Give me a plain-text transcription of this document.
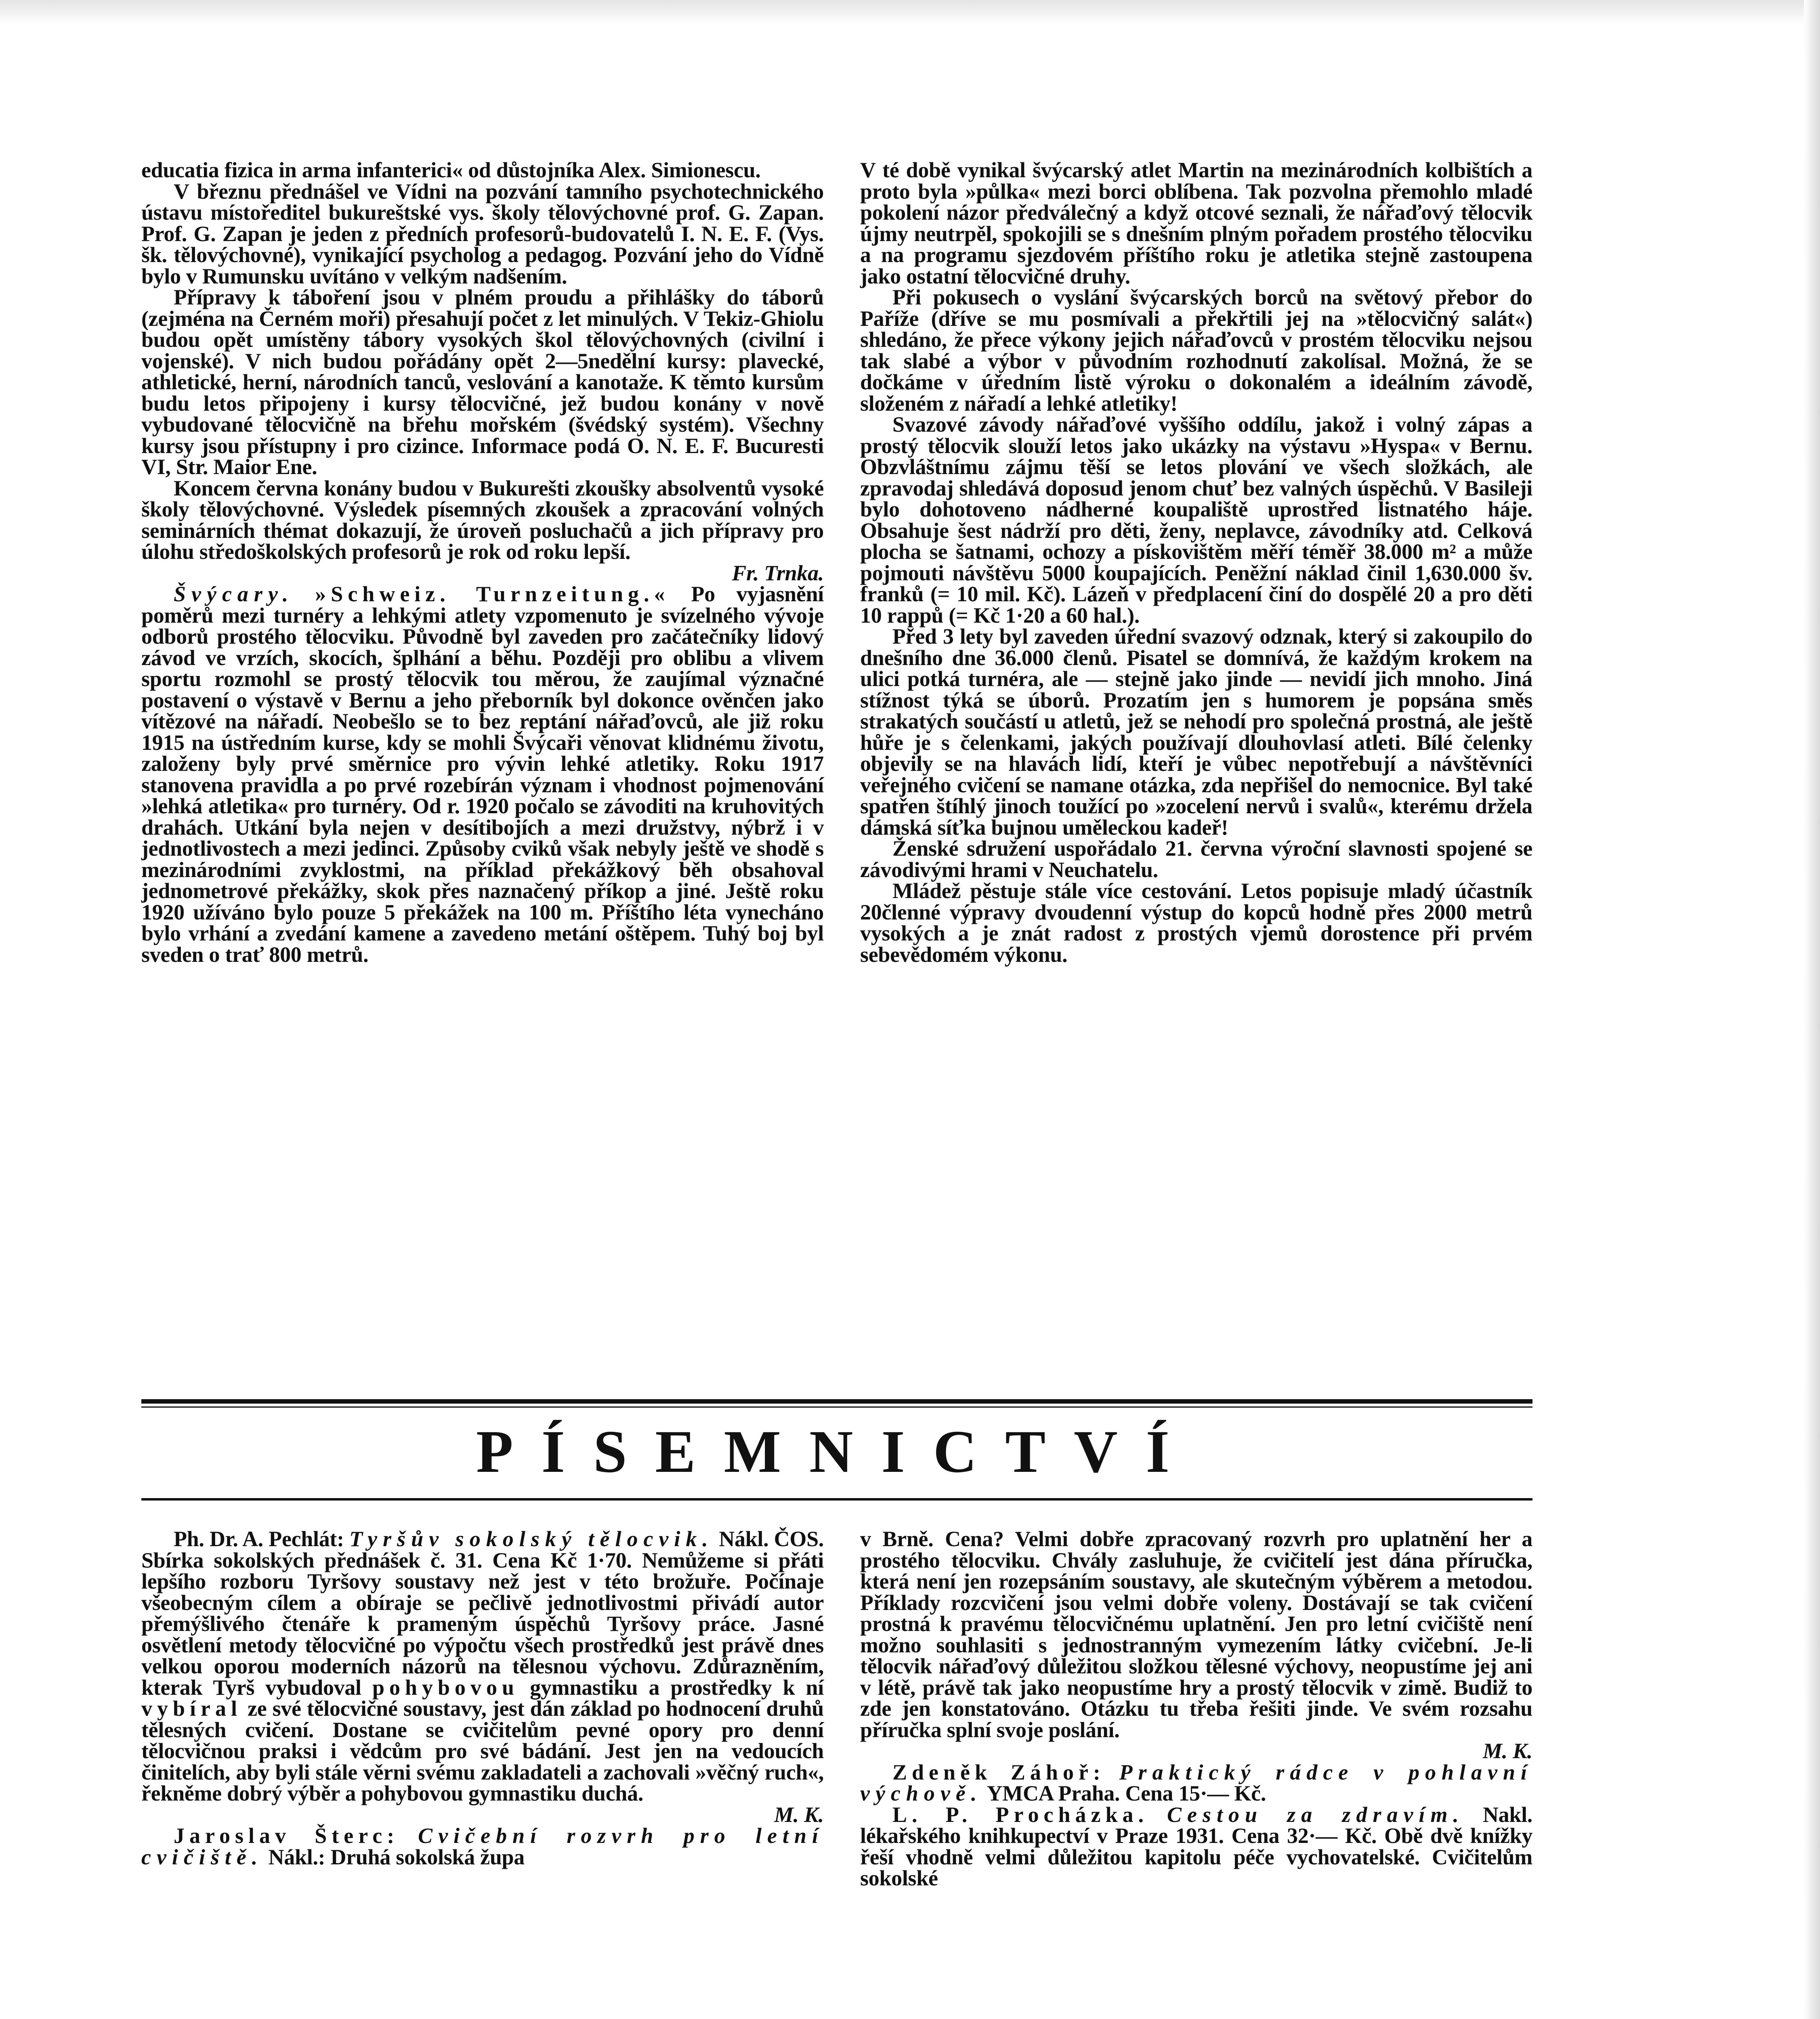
educatia fizica in arma infanterici« od důstojníka Alex. Simionescu.

V březnu přednášel ve Vídni na pozvání tamního psychotechnického ústavu místoředitel bukureštské vys. školy tělovýchovné prof. G. Zapan. Prof. G. Zapan je jeden z předních profesorů-budovatelů I. N. E. F. (Vys. šk. tělovýchovné), vynikající psycholog a pedagog. Pozvání jeho do Vídně bylo v Rumunsku uvítáno v velkým nadšením.

Přípravy k táboření jsou v plném proudu a přihlášky do táborů (zejména na Černém moři) přesahují počet z let minulých. V Tekiz-Ghiolu budou opět umístěny tábory vysokých škol tělovýchovných (civilní i vojenské). V nich budou pořádány opět 2—5nedělní kursy: plavecké, athletické, herní, národních tanců, veslování a kanotaže. K těmto kursům budu letos připojeny i kursy tělocvičné, jež budou konány v nově vybudované tělocvičně na břehu mořském (švédský systém). Všechny kursy jsou přístupny i pro cizince. Informace podá O. N. E. F. Bucuresti VI, Str. Maior Ene.

Koncem června konány budou v Bukurešti zkoušky absolventů vysoké školy tělovýchovné. Výsledek písemných zkoušek a zpracování volných seminárních thémat dokazují, že úroveň posluchačů a jich přípravy pro úlohu středoškolských profesorů je rok od roku lepší.
Fr. Trnka.

Švýcary. »Schweiz. Turnzeitung.« Po vyjasnění poměrů mezi turnéry a lehkými atlety vzpomenuto je svízelného vývoje odborů prostého tělocviku. Původně byl zaveden pro začátečníky lidový závod ve vrzích, skocích, šplhání a běhu. Později pro oblibu a vlivem sportu rozmohl se prostý tělocvik tou měrou, že zaujímal význačné postavení o výstavě v Bernu a jeho přeborník byl dokonce ověnčen jako vítězové na nářadí. Neobešlo se to bez reptání nářaďovců, ale již roku 1915 na ústředním kurse, kdy se mohli Švýcaři věnovat klidnému životu, založeny byly prvé směrnice pro vývin lehké atletiky. Roku 1917 stanovena pravidla a po prvé rozebírán význam i vhodnost pojmenování »lehká atletika« pro turnéry. Od r. 1920 počalo se závoditi na kruhovitých drahách. Utkání byla nejen v desítibojích a mezi družstvy, nýbrž i v jednotlivostech a mezi jedinci. Způsoby cviků však nebyly ještě ve shodě s mezinárodními zvyklostmi, na příklad překážkový běh obsahoval jednometrové překážky, skok přes naznačený příkop a jiné. Ještě roku 1920 užíváno bylo pouze 5 překážek na 100 m. Příštího léta vynecháno bylo vrhání a zvedání kamene a zavedeno metání oštěpem. Tuhý boj byl sveden o trať 800 metrů.

V té době vynikal švýcarský atlet Martin na mezinárodních kolbištích a proto byla »půlka« mezi borci oblíbena. Tak pozvolna přemohlo mladé pokolení názor předválečný a když otcové seznali, že nářaďový tělocvik újmy neutrpěl, spokojili se s dnešním plným pořadem prostého tělocviku a na programu sjezdovém příštího roku je atletika stejně zastoupena jako ostatní tělocvičné druhy.

Při pokusech o vyslání švýcarských borců na světový přebor do Paříže (dříve se mu posmívali a překřtili jej na »tělocvičný salát«) shledáno, že přece výkony jejich nářaďovců v prostém tělocviku nejsou tak slabé a výbor v původním rozhodnutí zakolísal. Možná, že se dočkáme v úředním listě výroku o dokonalém a ideálním závodě, složeném z nářadí a lehké atletiky!

Svazové závody nářaďové vyššího oddílu, jakož i volný zápas a prostý tělocvik slouží letos jako ukázky na výstavu »Hyspa« v Bernu. Obzvláštnímu zájmu těší se letos plování ve všech složkách, ale zpravodaj shledává doposud jenom chuť bez valných úspěchů. V Basileji bylo dohotoveno nádherné koupaliště uprostřed listnatého háje. Obsahuje šest nádrží pro děti, ženy, neplavce, závodníky atd. Celková plocha se šatnami, ochozy a pískovištěm měří téměř 38.000 m² a může pojmouti návštěvu 5000 koupajících. Peněžní náklad činil 1,630.000 šv. franků (= 10 mil. Kč). Lázeň v předplacení činí do dospělé 20 a pro děti 10 rappů (= Kč 1·20 a 60 hal.).

Před 3 lety byl zaveden úřední svazový odznak, který si zakoupilo do dnešního dne 36.000 členů. Pisatel se domnívá, že každým krokem na ulici potká turnéra, ale — stejně jako jinde — nevidí jich mnoho. Jiná stížnost týká se úborů. Prozatím jen s humorem je popsána směs strakatých součástí u atletů, jež se nehodí pro společná prostná, ale ještě hůře je s čelenkami, jakých používají dlouhovlasí atleti. Bílé čelenky objevily se na hlavách lidí, kteří je vůbec nepotřebují a návštěvníci veřejného cvičení se namane otázka, zda nepřišel do nemocnice. Byl také spatřen štíhlý jinoch toužící po »zocelení nervů i svalů«, kterému držela dámská síťka bujnou uměleckou kadeř!

Ženské sdružení uspořádalo 21. června výroční slavnosti spojené se závodivými hrami v Neuchatelu.

Mládež pěstuje stále více cestování. Letos popisuje mladý účastník 20členné výpravy dvoudenní výstup do kopců hodně přes 2000 metrů vysokých a je znát radost z prostých vjemů dorostence při prvém sebevědomém výkonu.

PÍSEMNICTVÍ

Ph. Dr. A. Pechlát: Tyršův sokolský tělocvik. Nákl. ČOS. Sbírka sokolských přednášek č. 31. Cena Kč 1·70. Nemůžeme si přáti lepšího rozboru Tyršovy soustavy než jest v této brožuře. Počínaje všeobecným cílem a obíraje se pečlivě jednotlivostmi přivádí autor přemýšlivého čtenáře k prameným úspěchů Tyršovy práce. Jasné osvětlení metody tělocvičné po výpočtu všech prostředků jest právě dnes velkou oporou moderních názorů na tělesnou výchovu. Zdůrazněním, kterak Tyrš vybudoval pohybovou gymnastiku a prostředky k ní vybíral ze své tělocvičné soustavy, jest dán základ po hodnocení druhů tělesných cvičení. Dostane se cvičitelům pevné opory pro denní tělocvičnou praksi i vědcům pro své bádání. Jest jen na vedoucích činitelích, aby byli stále věrni svému zakladateli a zachovali »věčný ruch«, řekněme dobrý výběr a pohybovou gymnastiku duchá.
M. K.

Jaroslav Šterc: Cvičební rozvrh pro letní cvičiště. Nákl.: Druhá sokolská župa

v Brně. Cena? Velmi dobře zpracovaný rozvrh pro uplatnění her a prostého tělocviku. Chvály zasluhuje, že cvičitelí jest dána příručka, která není jen rozepsáním soustavy, ale skutečným výběrem a metodou. Příklady rozcvičení jsou velmi dobře voleny. Dostávají se tak cvičení prostná k pravému tělocvičnému uplatnění. Jen pro letní cvičiště není možno souhlasiti s jednostranným vymezením látky cvičební. Je-li tělocvik nářaďový důležitou složkou tělesné výchovy, neopustíme jej ani v létě, právě tak jako neopustíme hry a prostý tělocvik v zimě. Budiž to zde jen konstatováno. Otázku tu třeba řešiti jinde. Ve svém rozsahu příručka splní svoje poslání.
M. K.

Zdeněk Záhoř: Praktický rádce v pohlavní výchově. YMCA Praha. Cena 15·— Kč.

L. P. Procházka. Cestou za zdravím. Nakl. lékařského knihkupectví v Praze 1931. Cena 32·— Kč. Obě dvě knížky řeší vhodně velmi důležitou kapitolu péče vychovatelské. Cvičitelům sokolské
